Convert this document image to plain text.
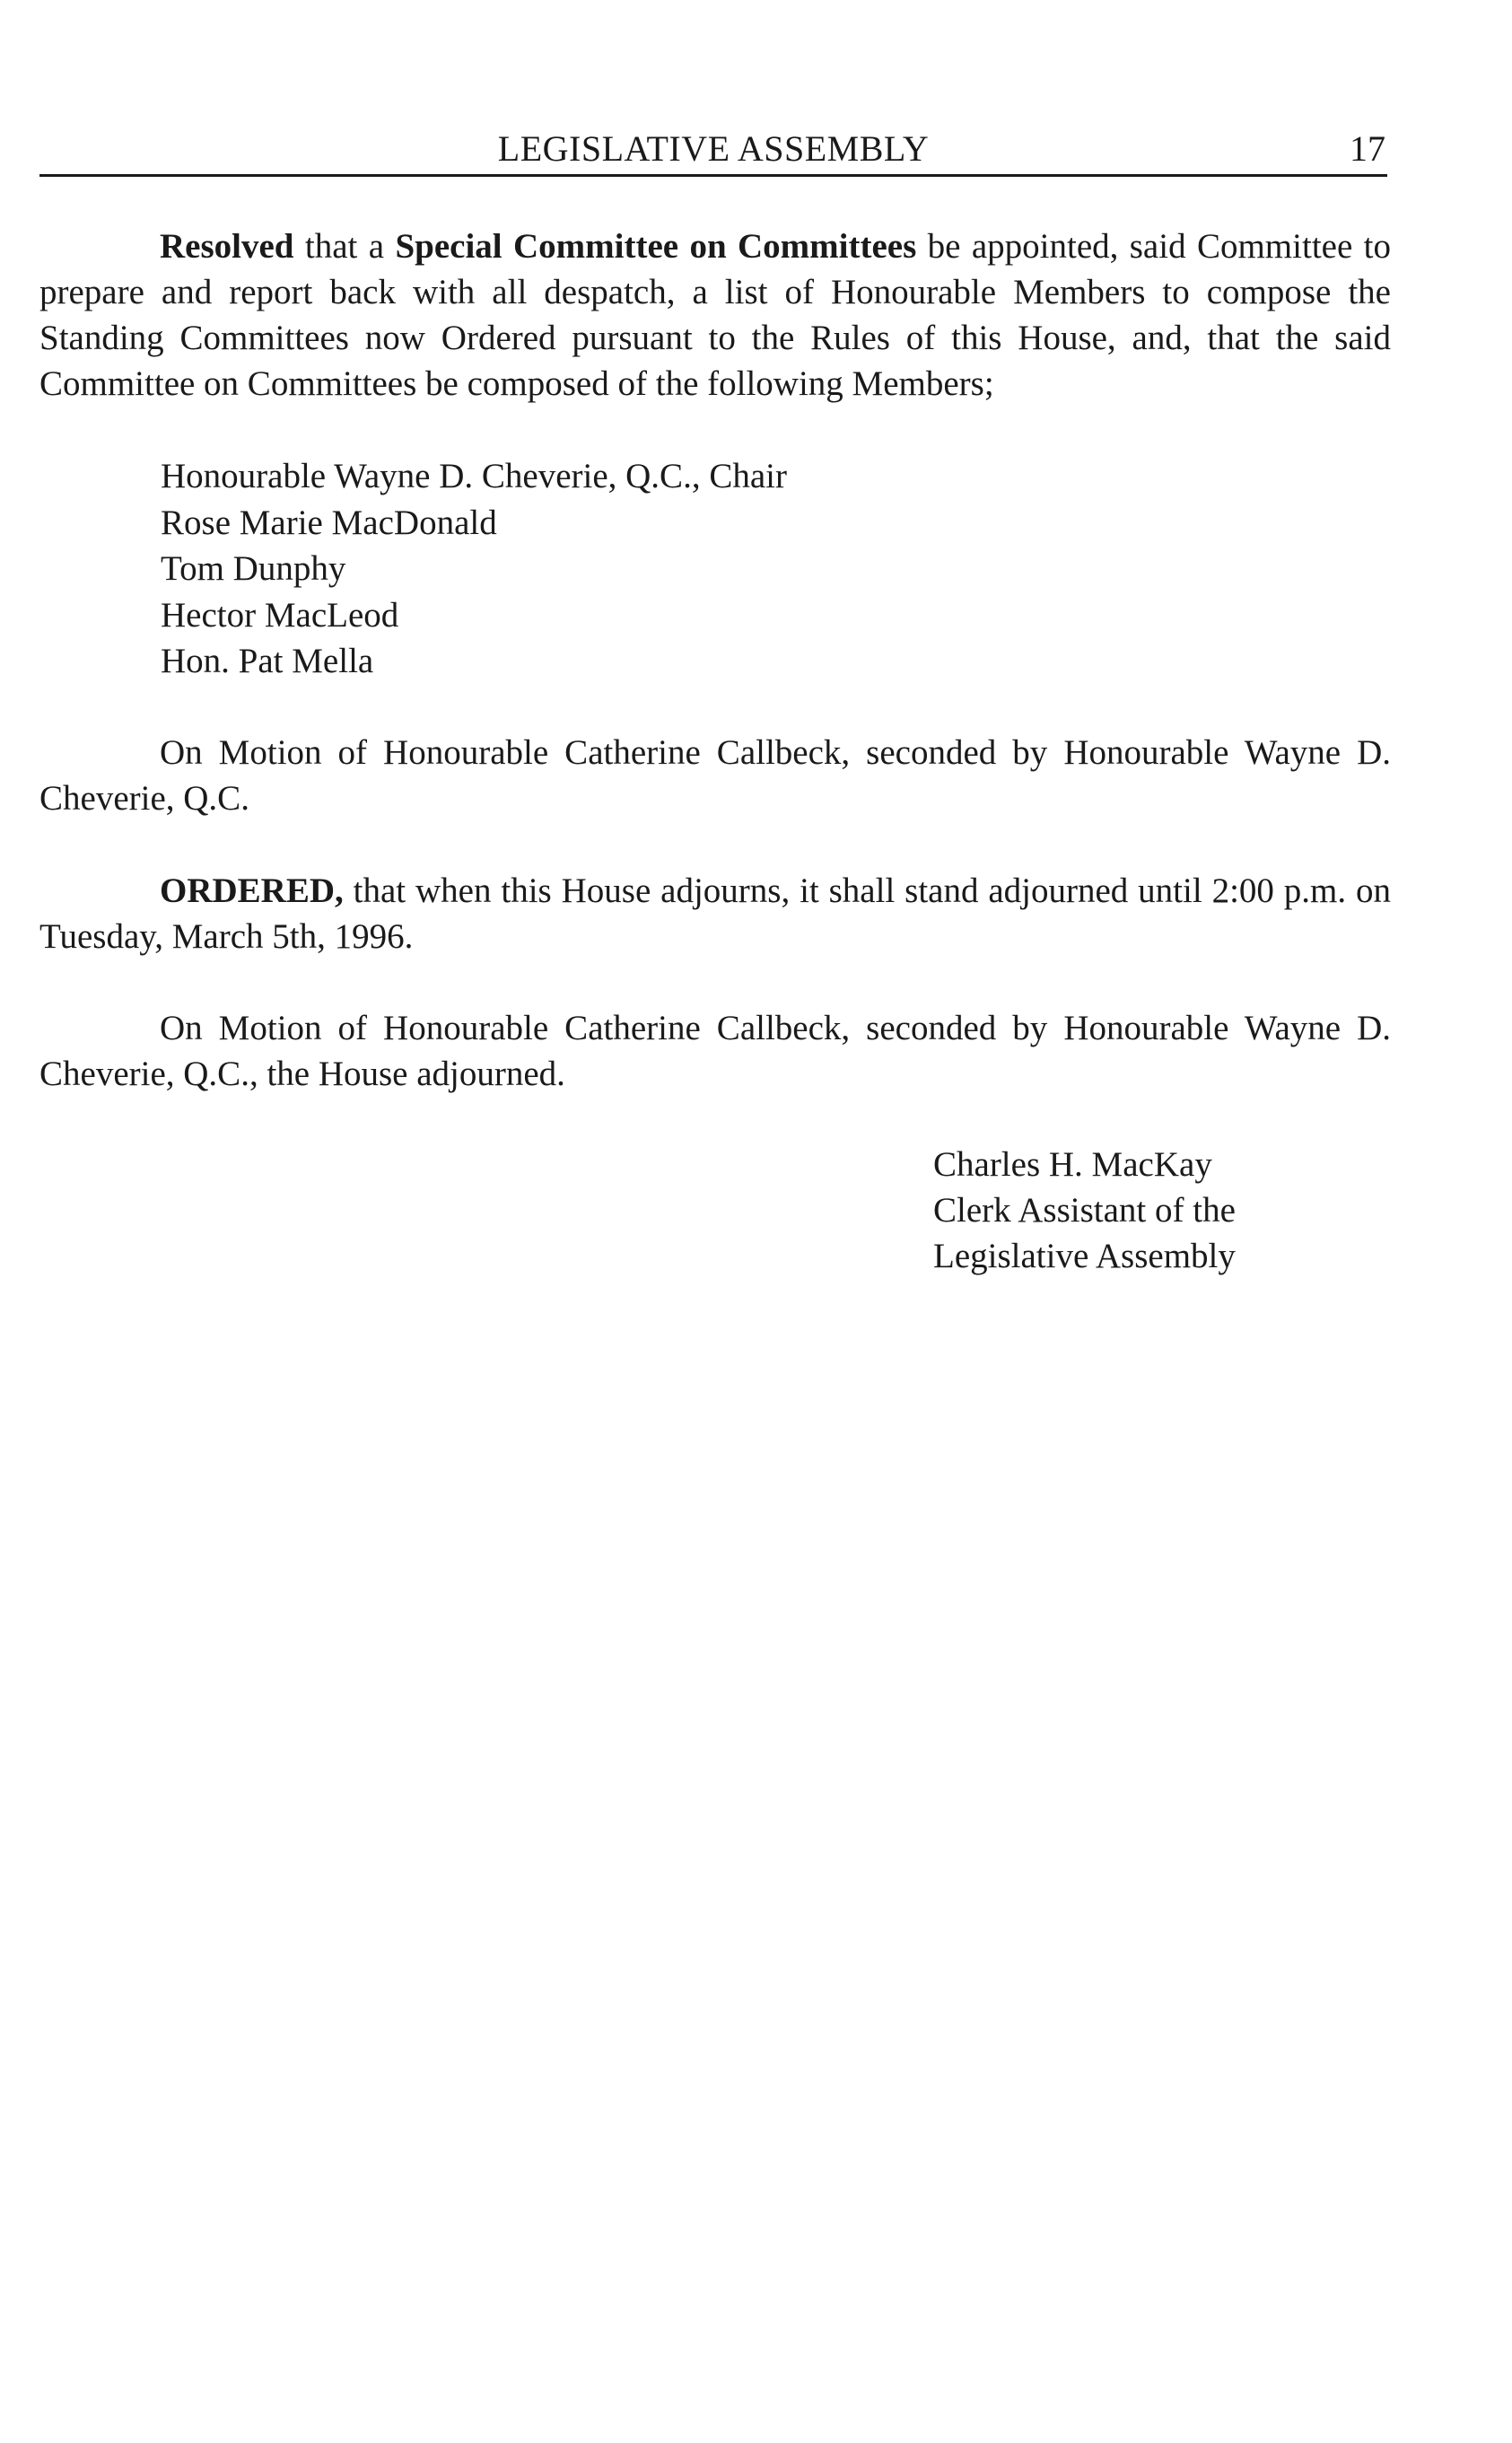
LEGISLATIVE ASSEMBLY	17

Resolved that a Special Committee on Committees be appointed, said Committee to prepare and report back with all despatch, a list of Honourable Members to compose the Standing Committees now Ordered pursuant to the Rules of this House, and, that the said Committee on Committees be composed of the following Members;

Honourable Wayne D. Cheverie, Q.C., Chair
Rose Marie MacDonald
Tom Dunphy
Hector MacLeod
Hon. Pat Mella

On Motion of Honourable Catherine Callbeck, seconded by Honourable Wayne D. Cheverie, Q.C.

ORDERED, that when this House adjourns, it shall stand adjourned until 2:00 p.m. on Tuesday, March 5th, 1996.

On Motion of Honourable Catherine Callbeck, seconded by Honourable Wayne D. Cheverie, Q.C., the House adjourned.

Charles H. MacKay
Clerk Assistant of the
Legislative Assembly
